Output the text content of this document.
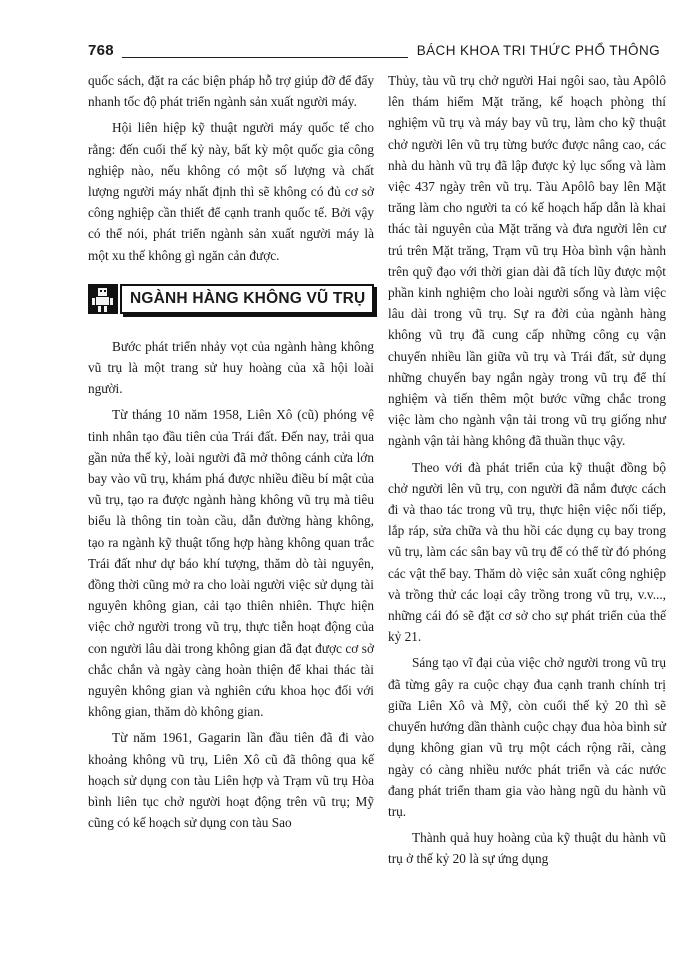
768	BÁCH KHOA TRI THỨC PHỔ THÔNG

quốc sách, đặt ra các biện pháp hỗ trợ giúp đỡ để đẩy nhanh tốc độ phát triển ngành sản xuất người máy.

Hội liên hiệp kỹ thuật người máy quốc tế cho rằng: đến cuối thế kỷ này, bất kỳ một quốc gia công nghiệp nào, nếu không có một số lượng và chất lượng người máy nhất định thì sẽ không có đủ cơ sở công nghiệp cần thiết để cạnh tranh quốc tế. Bởi vậy có thể nói, phát triển ngành sản xuất người máy là một xu thế không gì ngăn cản được.

NGÀNH HÀNG KHÔNG VŨ TRỤ

Bước phát triển nhảy vọt của ngành hàng không vũ trụ là một trang sử huy hoàng của xã hội loài người.

Từ tháng 10 năm 1958, Liên Xô (cũ) phóng vệ tinh nhân tạo đầu tiên của Trái đất. Đến nay, trải qua gần nửa thế kỷ, loài người đã mở thông cánh cửa lớn bay vào vũ trụ, khám phá được nhiều điều bí mật của vũ trụ, tạo ra được ngành hàng không vũ trụ mà tiêu biểu là thông tin toàn cầu, dẫn đường hàng không, tạo ra ngành kỹ thuật tổng hợp hàng không quan trắc Trái đất như dự báo khí tượng, thăm dò tài nguyên, đồng thời cũng mở ra cho loài người việc sử dụng tài nguyên không gian, cải tạo thiên nhiên. Thực hiện việc chở người trong vũ trụ, thực tiễn hoạt động của con người lâu dài trong không gian đã đạt được cơ sở chắc chắn và ngày càng hoàn thiện để khai thác tài nguyên không gian và nghiên cứu khoa học đối với không gian, thăm dò không gian.

Từ năm 1961, Gagarin lần đầu tiên đã đi vào khoảng không vũ trụ, Liên Xô cũ đã thông qua kế hoạch sử dụng con tàu Liên hợp và Trạm vũ trụ Hòa bình liên tục chở người hoạt động trên vũ trụ; Mỹ cũng có kế hoạch sử dụng con tàu Sao

Thủy, tàu vũ trụ chở người Hai ngôi sao, tàu Apôlô lên thám hiểm Mặt trăng, kế hoạch phòng thí nghiệm vũ trụ và máy bay vũ trụ, làm cho kỹ thuật chở người lên vũ trụ từng bước được nâng cao, các nhà du hành vũ trụ đã lập được kỷ lục sống và làm việc 437 ngày trên vũ trụ. Tàu Apôlô bay lên Mặt trăng làm cho người ta có kế hoạch hấp dẫn là khai thác tài nguyên của Mặt trăng và đưa người lên cư trú trên Mặt trăng, Trạm vũ trụ Hòa bình vận hành trên quỹ đạo với thời gian dài đã tích lũy được một phần kinh nghiệm cho loài người sống và làm việc lâu dài trong vũ trụ. Sự ra đời của ngành hàng không vũ trụ đã cung cấp những công cụ vận chuyển nhiều lần giữa vũ trụ và Trái đất, sử dụng những chuyến bay ngắn ngày trong vũ trụ để thí nghiệm và tiến thêm một bước vững chắc trong việc làm cho ngành vận tải trong vũ trụ giống như ngành vận tải hàng không đã thuần thục vậy.

Theo với đà phát triển của kỹ thuật đồng bộ chở người lên vũ trụ, con người đã nắm được cách đi và thao tác trong vũ trụ, thực hiện việc nối tiếp, lắp ráp, sửa chữa và thu hồi các dụng cụ bay trong vũ trụ, làm các sân bay vũ trụ để có thể từ đó phóng các vật thể bay. Thăm dò việc sản xuất công nghiệp và trồng thử các loại cây trồng trong vũ trụ, v.v..., những cái đó sẽ đặt cơ sở cho sự phát triển của thế kỷ 21.

Sáng tạo vĩ đại của việc chở người trong vũ trụ đã từng gây ra cuộc chạy đua cạnh tranh chính trị giữa Liên Xô và Mỹ, còn cuối thế kỷ 20 thì sẽ chuyển hướng dần thành cuộc chạy đua hòa bình sử dụng không gian vũ trụ một cách rộng rãi, càng ngày có càng nhiều nước phát triển và các nước đang phát triển tham gia vào hàng ngũ du hành vũ trụ.

Thành quả huy hoàng của kỹ thuật du hành vũ trụ ở thế kỷ 20 là sự ứng dụng
